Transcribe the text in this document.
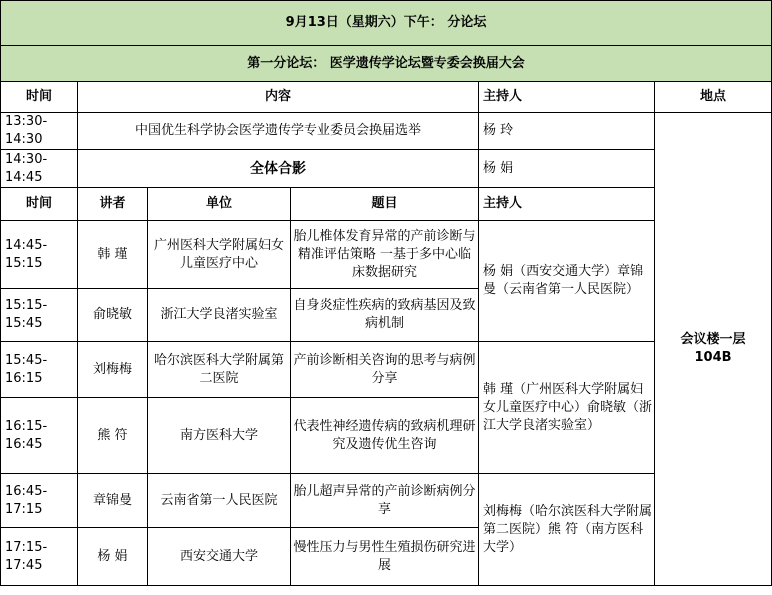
9月13日（星期六）下午： 分论坛					
第一分论坛： 医学遗传学论坛暨专委会换届大会					
时间	内容			主持人	地点
13:30-14:30	中国优生科学协会医学遗传学专业委员会换届选举			杨 玲	会议楼一层
104B

14:30-14:45	全体合影			杨 娟	
时间	讲者	单位	题目	主持人	
14:45-15:15	韩 瑾	广州医科大学附属妇女儿童医疗中心	胎儿椎体发育异常的产前诊断与精准评估策略 一基于多中心临床数据研究	杨 娟（西安交通大学）章锦曼（云南省第一人民医院）	
15:15-15:45	俞晓敏	浙江大学良渚实验室	自身炎症性疾病的致病基因及致病机制		
15:45-16:15	刘梅梅	哈尔滨医科大学附属第二医院	产前诊断相关咨询的思考与病例分享	韩 瑾（广州医科大学附属妇女儿童医疗中心）俞晓敏（浙江大学良渚实验室）	
16:15-16:45	熊 符	南方医科大学	代表性神经遗传病的致病机理研究及遗传优生咨询		
16:45-17:15	章锦曼	云南省第一人民医院	胎儿超声异常的产前诊断病例分享	刘梅梅（哈尔滨医科大学附属第二医院）熊 符（南方医科大学）	
17:15-17:45	杨 娟	西安交通大学	慢性压力与男性生殖损伤研究进展		
